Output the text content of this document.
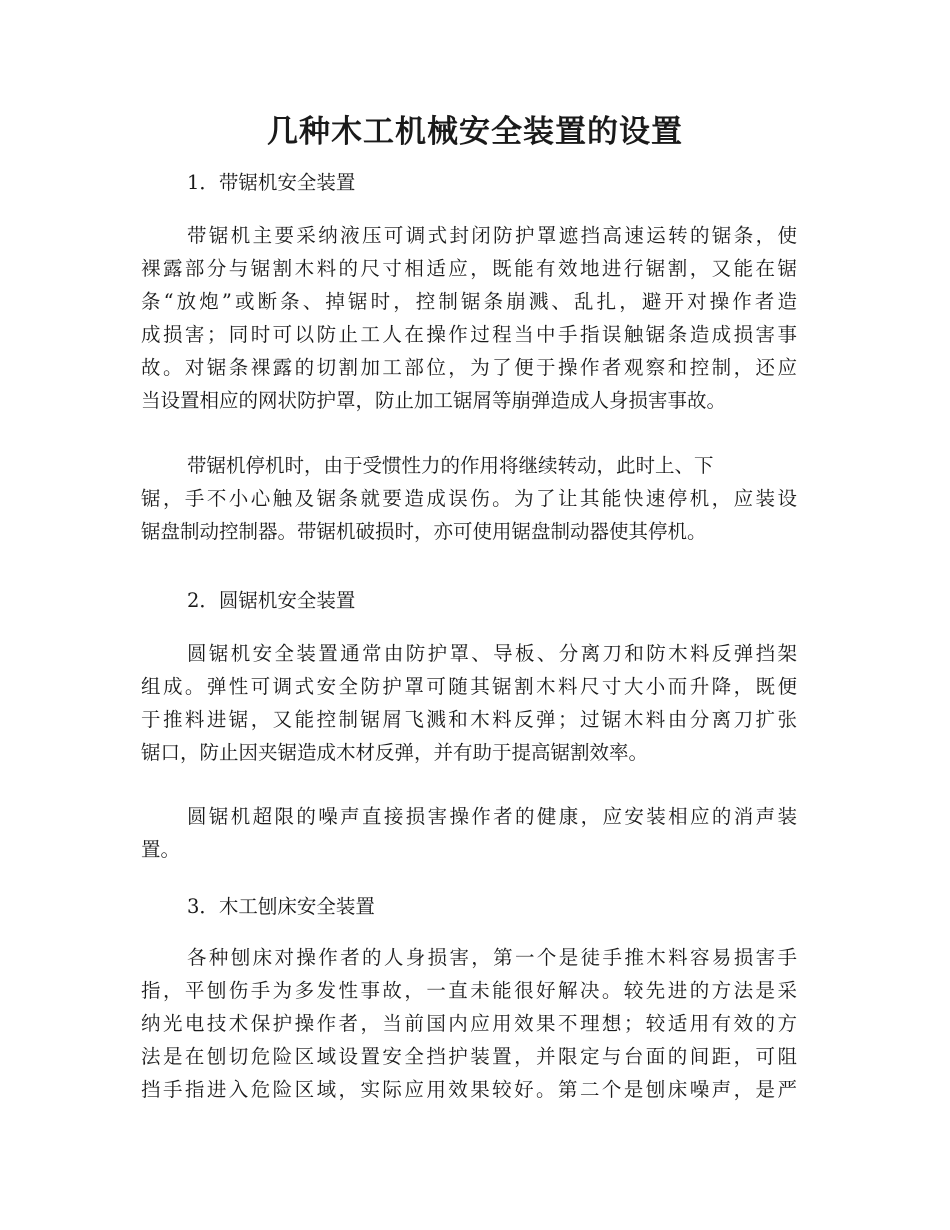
几种木工机械安全装置的设置

1．带锯机安全装置

带锯机主要采纳液压可调式封闭防护罩遮挡高速运转的锯条，使
裸露部分与锯割木料的尺寸相适应，既能有效地进行锯割，又能在锯
条“放炮”或断条、掉锯时，控制锯条崩溅、乱扎，避开对操作者造
成损害；同时可以防止工人在操作过程当中手指误触锯条造成损害事
故。对锯条裸露的切割加工部位，为了便于操作者观察和控制，还应
当设置相应的网状防护罩，防止加工锯屑等崩弹造成人身损害事故。
带锯机停机时，由于受惯性力的作用将继续转动，此时上、下
锯，手不小心触及锯条就要造成误伤。为了让其能快速停机，应装设
锯盘制动控制器。带锯机破损时，亦可使用锯盘制动器使其停机。

2．圆锯机安全装置

圆锯机安全装置通常由防护罩、导板、分离刀和防木料反弹挡架
组成。弹性可调式安全防护罩可随其锯割木料尺寸大小而升降，既便
于推料进锯，又能控制锯屑飞溅和木料反弹；过锯木料由分离刀扩张
锯口，防止因夹锯造成木材反弹，并有助于提高锯割效率。
圆锯机超限的噪声直接损害操作者的健康，应安装相应的消声装
置。

3．木工刨床安全装置

各种刨床对操作者的人身损害，第一个是徒手推木料容易损害手
指，平刨伤手为多发性事故，一直未能很好解决。较先进的方法是采
纳光电技术保护操作者，当前国内应用效果不理想；较适用有效的方
法是在刨切危险区域设置安全挡护装置，并限定与台面的间距，可阻
挡手指进入危险区域，实际应用效果较好。第二个是刨床噪声，是严
